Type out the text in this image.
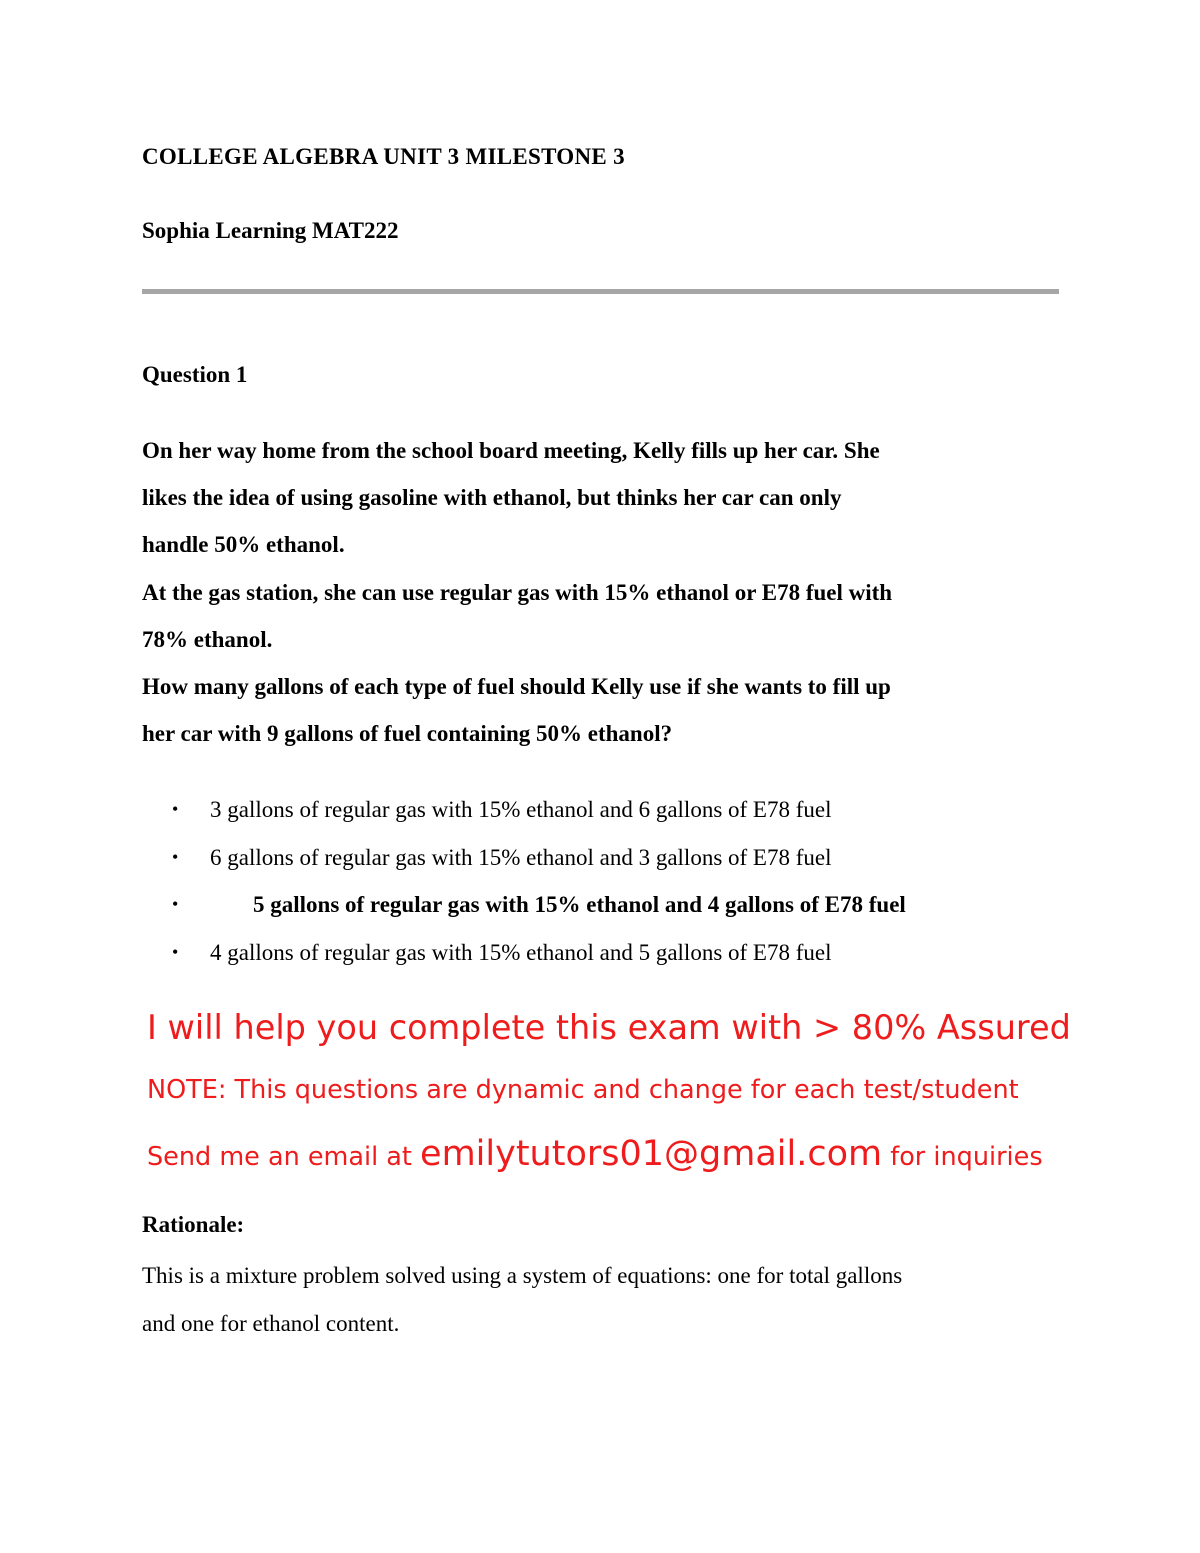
COLLEGE ALGEBRA UNIT 3 MILESTONE 3
Sophia Learning MAT222
Question 1

On her way home from the school board meeting, Kelly fills up her car. She

likes the idea of using gasoline with ethanol, but thinks her car can only

handle 50% ethanol.

At the gas station, she can use regular gas with 15% ethanol or E78 fuel with

78% ethanol.

How many gallons of each type of fuel should Kelly use if she wants to fill up

her car with 9 gallons of fuel containing 50% ethanol?

• 3 gallons of regular gas with 15% ethanol and 6 gallons of E78 fuel
• 6 gallons of regular gas with 15% ethanol and 3 gallons of E78 fuel
•	5 gallons of regular gas with 15% ethanol and 4 gallons of E78 fuel
• 4 gallons of regular gas with 15% ethanol and 5 gallons of E78 fuel
I will help you complete this exam with > 80% Assured
NOTE: This questions are dynamic and change for each test/student
Send me an email at emilytutors01@gmail.com for inquiries
Rationale:
This is a mixture problem solved using a system of equations: one for total gallons
and one for ethanol content.
